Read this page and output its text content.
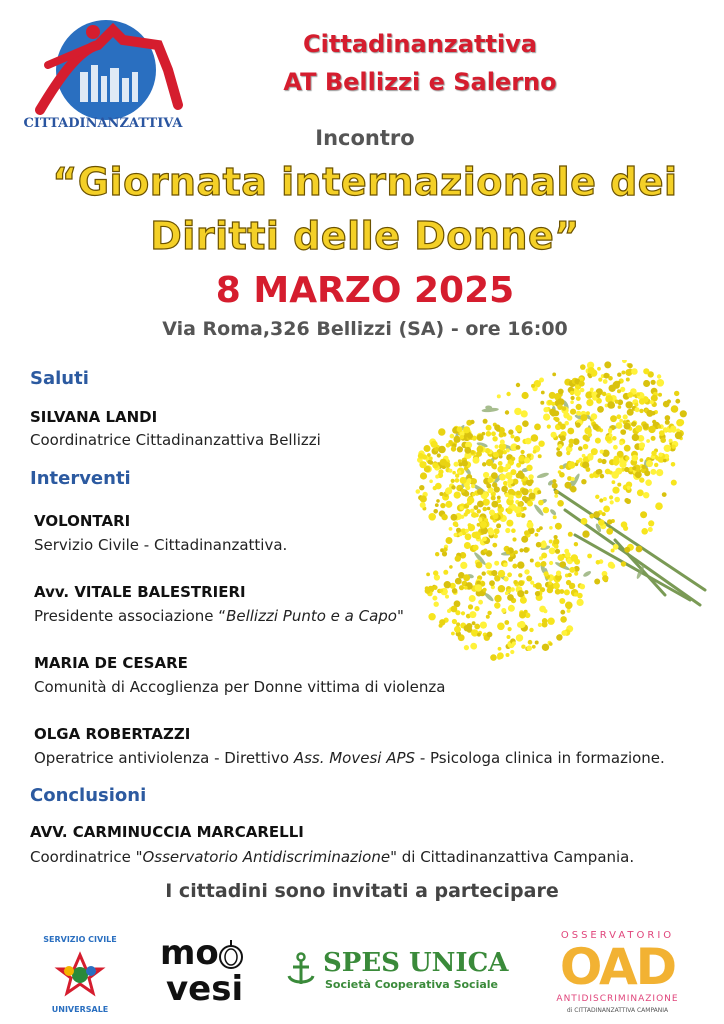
CITTADINANZATTIVA
Cittadinanzattiva
AT Bellizzi e Salerno
Incontro
“Giornata internazionale dei
Diritti delle Donne”
8 MARZO 2025
Via Roma,326 Bellizzi (SA) - ore 16:00
Saluti
SILVANA LANDI
Coordinatrice Cittadinanzattiva Bellizzi
Interventi
VOLONTARI
Servizio Civile - Cittadinanzattiva.
Avv. VITALE BALESTRIERI
Presidente associazione “Bellizzi Punto e a Capo"
MARIA DE CESARE
Comunità di Accoglienza per Donne vittima di violenza
OLGA ROBERTAZZI
Operatrice antiviolenza - Direttivo Ass. Movesi APS - Psicologa clinica in formazione.
Conclusioni
AVV. CARMINUCCIA MARCARELLI
Coordinatrice "Osservatorio Antidiscriminazione" di Cittadinanzattiva Campania.
I cittadini sono invitati a partecipare
SERVIZIO CIVILE
UNIVERSALE
mo
vesi
SPES UNICA
Società Cooperativa Sociale
OSSERVATORIO
OAD
ANTIDISCRIMINAZIONE
di CITTADINANZATTIVA CAMPANIA
